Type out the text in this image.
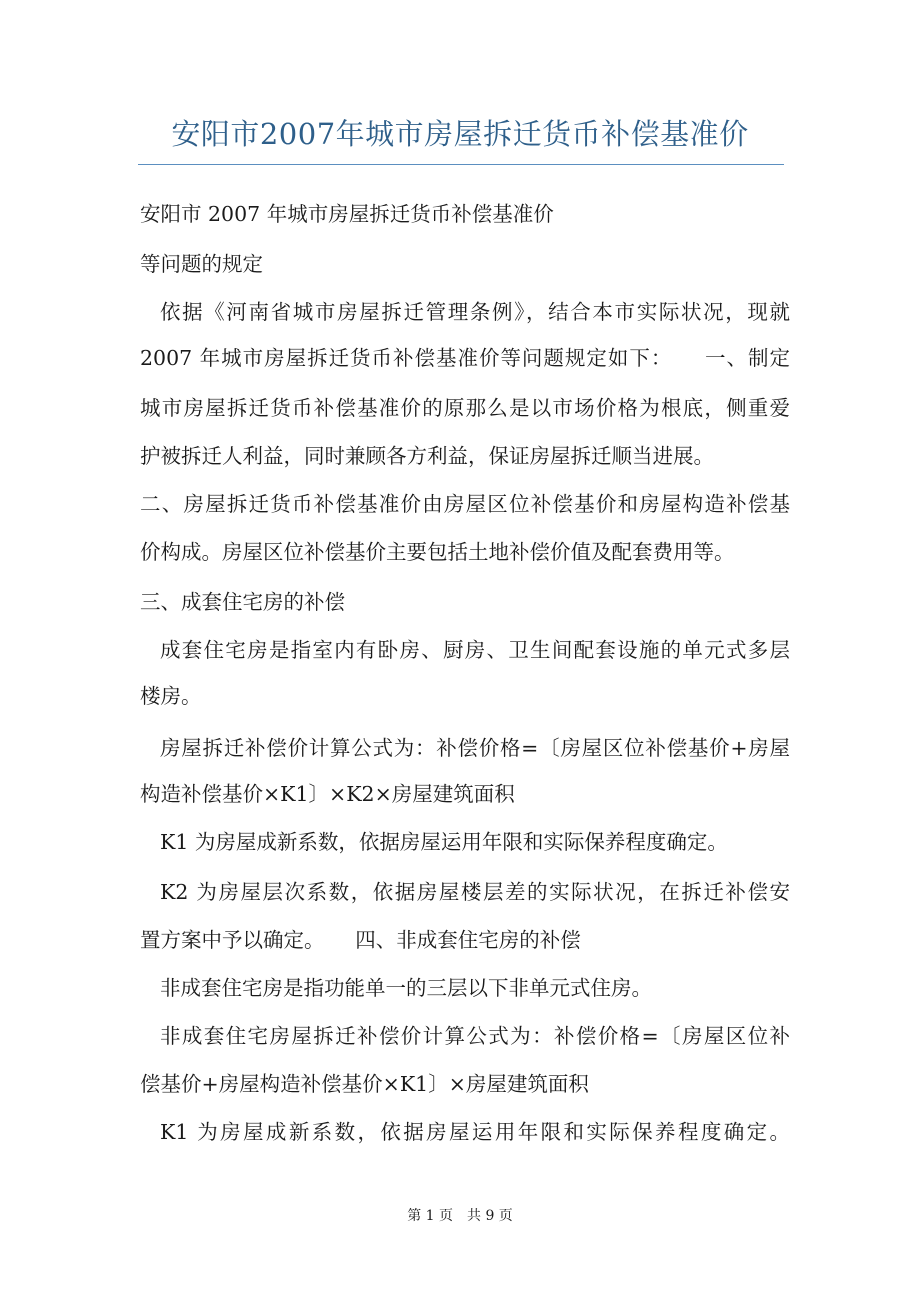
安阳市2007年城市房屋拆迁货币补偿基准价
安阳市 2007 年城市房屋拆迁货币补偿基准价
等问题的规定
依据《河南省城市房屋拆迁管理条例》，结合本市实际状况，现就
2007 年城市房屋拆迁货币补偿基准价等问题规定如下：　　一、制定
城市房屋拆迁货币补偿基准价的原那么是以市场价格为根底，侧重爱
护被拆迁人利益，同时兼顾各方利益，保证房屋拆迁顺当进展。
二、房屋拆迁货币补偿基准价由房屋区位补偿基价和房屋构造补偿基
价构成。房屋区位补偿基价主要包括土地补偿价值及配套费用等。
三、成套住宅房的补偿
成套住宅房是指室内有卧房、厨房、卫生间配套设施的单元式多层
楼房。
房屋拆迁补偿价计算公式为：补偿价格=〔房屋区位补偿基价+房屋
构造补偿基价×K1〕×K2×房屋建筑面积
K1 为房屋成新系数，依据房屋运用年限和实际保养程度确定。
K2 为房屋层次系数，依据房屋楼层差的实际状况，在拆迁补偿安
置方案中予以确定。　　四、非成套住宅房的补偿
非成套住宅房是指功能单一的三层以下非单元式住房。
非成套住宅房屋拆迁补偿价计算公式为：补偿价格=〔房屋区位补
偿基价+房屋构造补偿基价×K1〕×房屋建筑面积
K1 为房屋成新系数，依据房屋运用年限和实际保养程度确定。
第 1 页　共 9 页
